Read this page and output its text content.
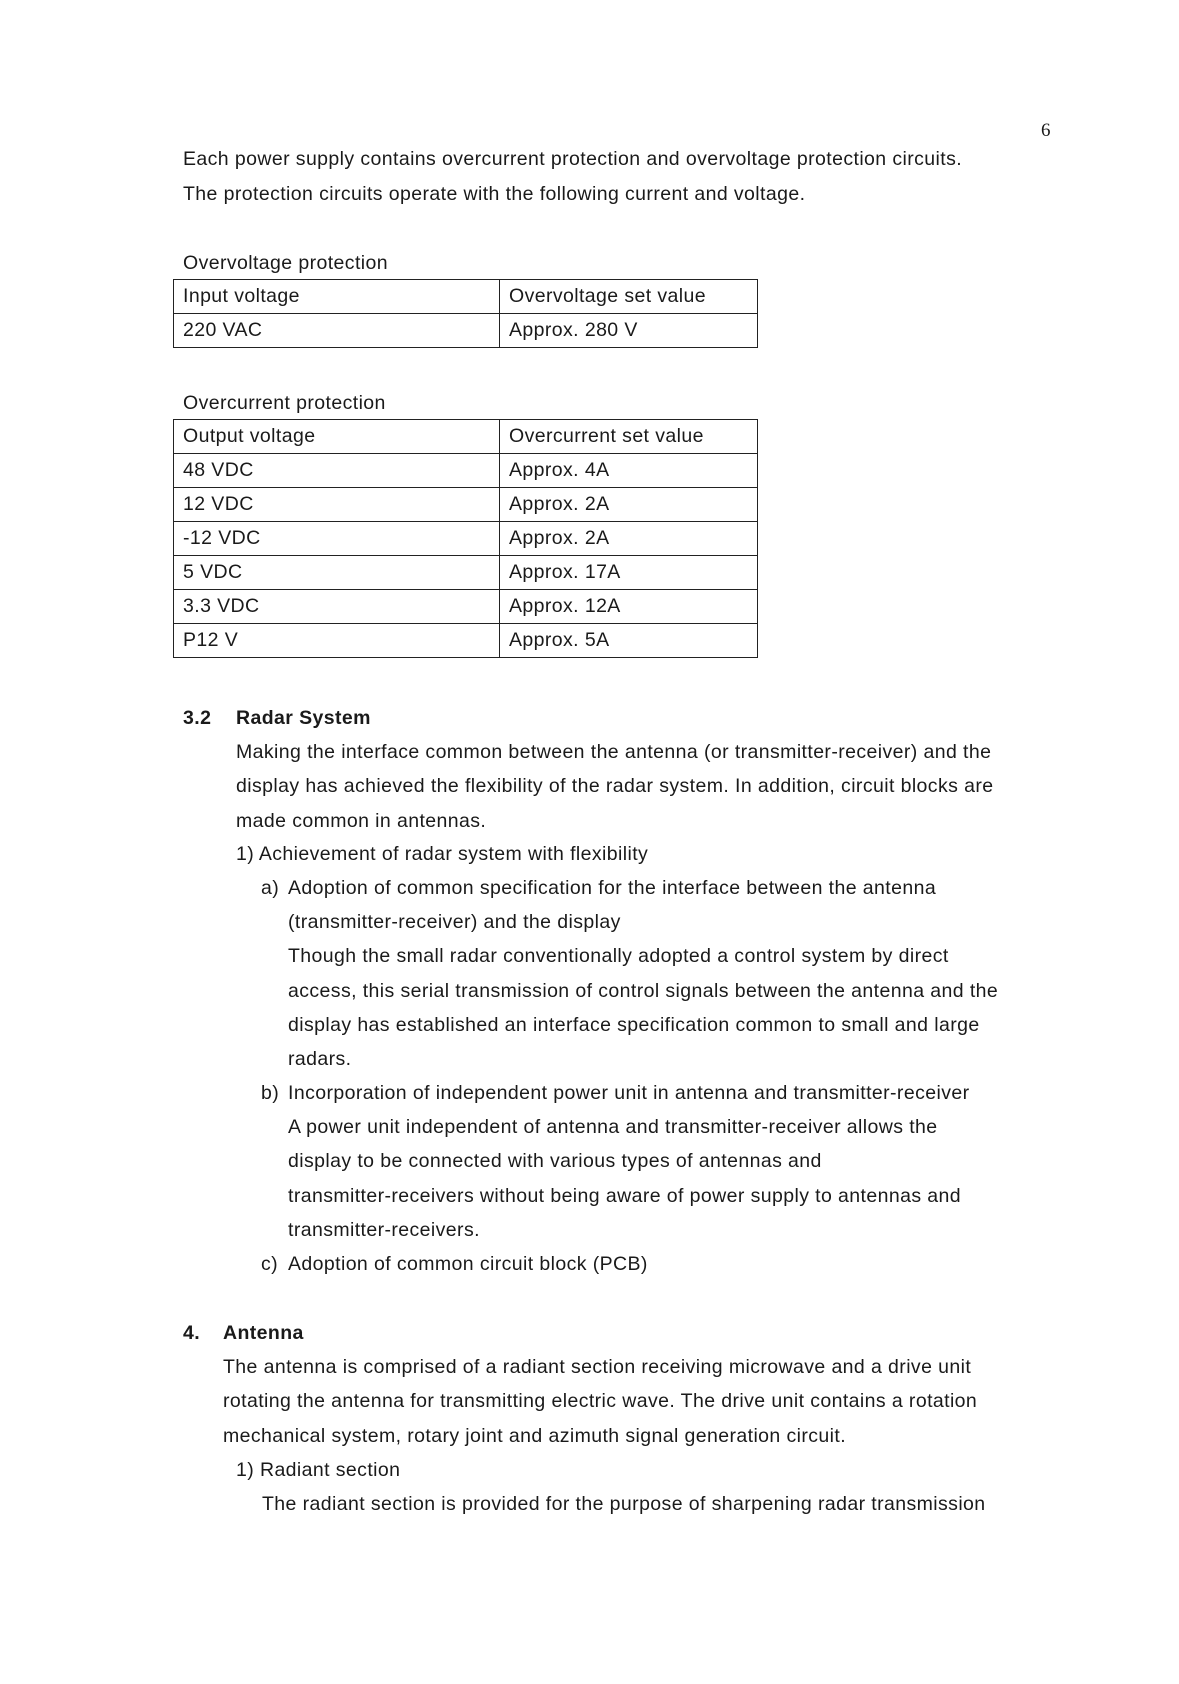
6
Each power supply contains overcurrent protection and overvoltage protection circuits.
The protection circuits operate with the following current and voltage.
Overvoltage protection
Input voltage	Overvoltage set value
220 VAC	Approx. 280 V
Overcurrent protection
Output voltage	Overcurrent set value
48 VDC	Approx. 4A
12 VDC	Approx. 2A
-12 VDC	Approx. 2A
5 VDC	Approx. 17A
3.3 VDC	Approx. 12A
P12 V	Approx. 5A
3.2 Radar System
Making the interface common between the antenna (or transmitter-receiver) and the
display has achieved the flexibility of the radar system. In addition, circuit blocks are
made common in antennas.
1) Achievement of radar system with flexibility
a) Adoption of common specification for the interface between the antenna
(transmitter-receiver) and the display
Though the small radar conventionally adopted a control system by direct
access, this serial transmission of control signals between the antenna and the
display has established an interface specification common to small and large
radars.
b) Incorporation of independent power unit in antenna and transmitter-receiver
A power unit independent of antenna and transmitter-receiver allows the
display to be connected with various types of antennas and
transmitter-receivers without being aware of power supply to antennas and
transmitter-receivers.
c) Adoption of common circuit block (PCB)
4. Antenna
The antenna is comprised of a radiant section receiving microwave and a drive unit
rotating the antenna for transmitting electric wave. The drive unit contains a rotation
mechanical system, rotary joint and azimuth signal generation circuit.
1) Radiant section
The radiant section is provided for the purpose of sharpening radar transmission
